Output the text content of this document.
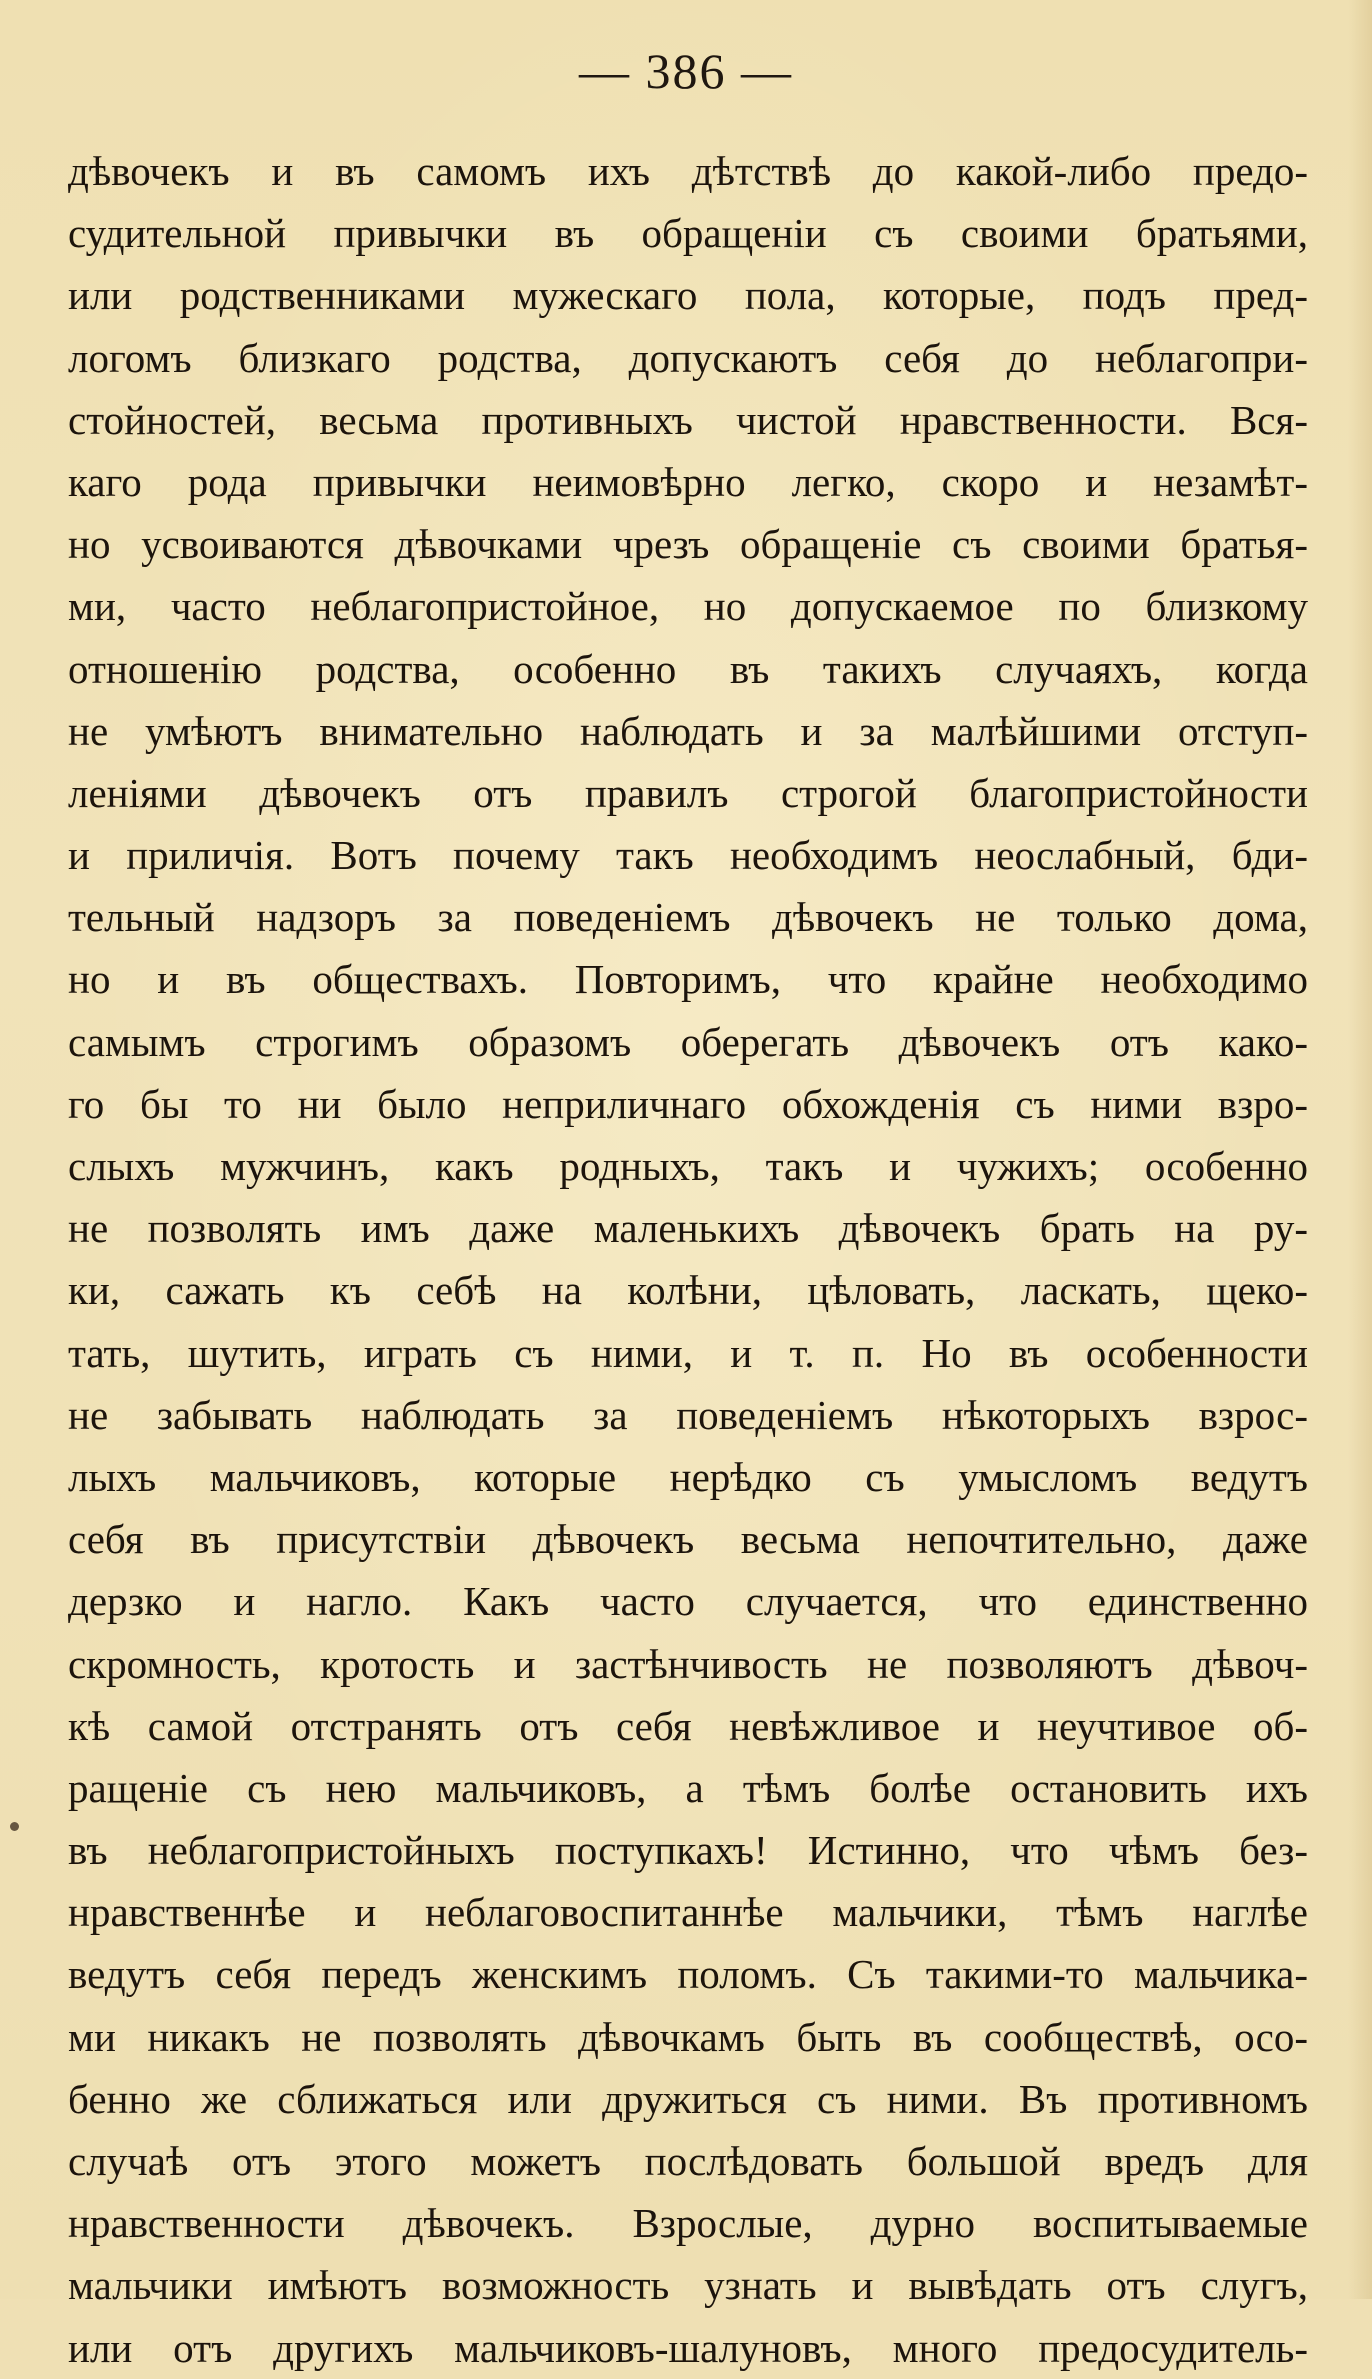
— 386 —
дѣвочекъ и въ самомъ ихъ дѣтствѣ до какой-либо предо-
судительной привычки въ обращеніи съ своими братьями,
или родственниками мужескаго пола, которые, подъ пред-
логомъ близкаго родства, допускаютъ себя до неблагопри-
стойностей, весьма противныхъ чистой нравственности. Вся-
каго рода привычки неимовѣрно легко, скоро и незамѣт-
но усвоиваются дѣвочками чрезъ обращеніе съ своими братья-
ми, часто неблагопристойное, но допускаемое по близкому
отношенію родства, особенно въ такихъ случаяхъ, когда
не умѣютъ внимательно наблюдать и за малѣйшими отступ-
леніями дѣвочекъ отъ правилъ строгой благопристойности
и приличія. Вотъ почему такъ необходимъ неослабный, бди-
тельный надзоръ за поведеніемъ дѣвочекъ не только дома,
но и въ обществахъ. Повторимъ, что крайне необходимо
самымъ строгимъ образомъ оберегать дѣвочекъ отъ како-
го бы то ни было неприличнаго обхожденія съ ними взро-
слыхъ мужчинъ, какъ родныхъ, такъ и чужихъ; особенно
не позволять имъ даже маленькихъ дѣвочекъ брать на ру-
ки, сажать къ себѣ на колѣни, цѣловать, ласкать, щеко-
тать, шутить, играть съ ними, и т. п. Но въ особенности
не забывать наблюдать за поведеніемъ нѣкоторыхъ взрос-
лыхъ мальчиковъ, которые нерѣдко съ умысломъ ведутъ
себя въ присутствіи дѣвочекъ весьма непочтительно, даже
дерзко и нагло. Какъ часто случается, что единственно
скромность, кротость и застѣнчивость не позволяютъ дѣвоч-
кѣ самой отстранять отъ себя невѣжливое и неучтивое об-
ращеніе съ нею мальчиковъ, а тѣмъ болѣе остановить ихъ
въ неблагопристойныхъ поступкахъ! Истинно, что чѣмъ без-
нравственнѣе и неблаговоспитаннѣе мальчики, тѣмъ наглѣе
ведутъ себя передъ женскимъ поломъ. Съ такими-то мальчика-
ми никакъ не позволять дѣвочкамъ быть въ сообществѣ, осо-
бенно же сближаться или дружиться съ ними. Въ противномъ
случаѣ отъ этого можетъ послѣдовать большой вредъ для
нравственности дѣвочекъ. Взрослые, дурно воспитываемые
мальчики имѣютъ возможность узнать и вывѣдать отъ слугъ,
или отъ другихъ мальчиковъ-шалуновъ, много предосудитель-
